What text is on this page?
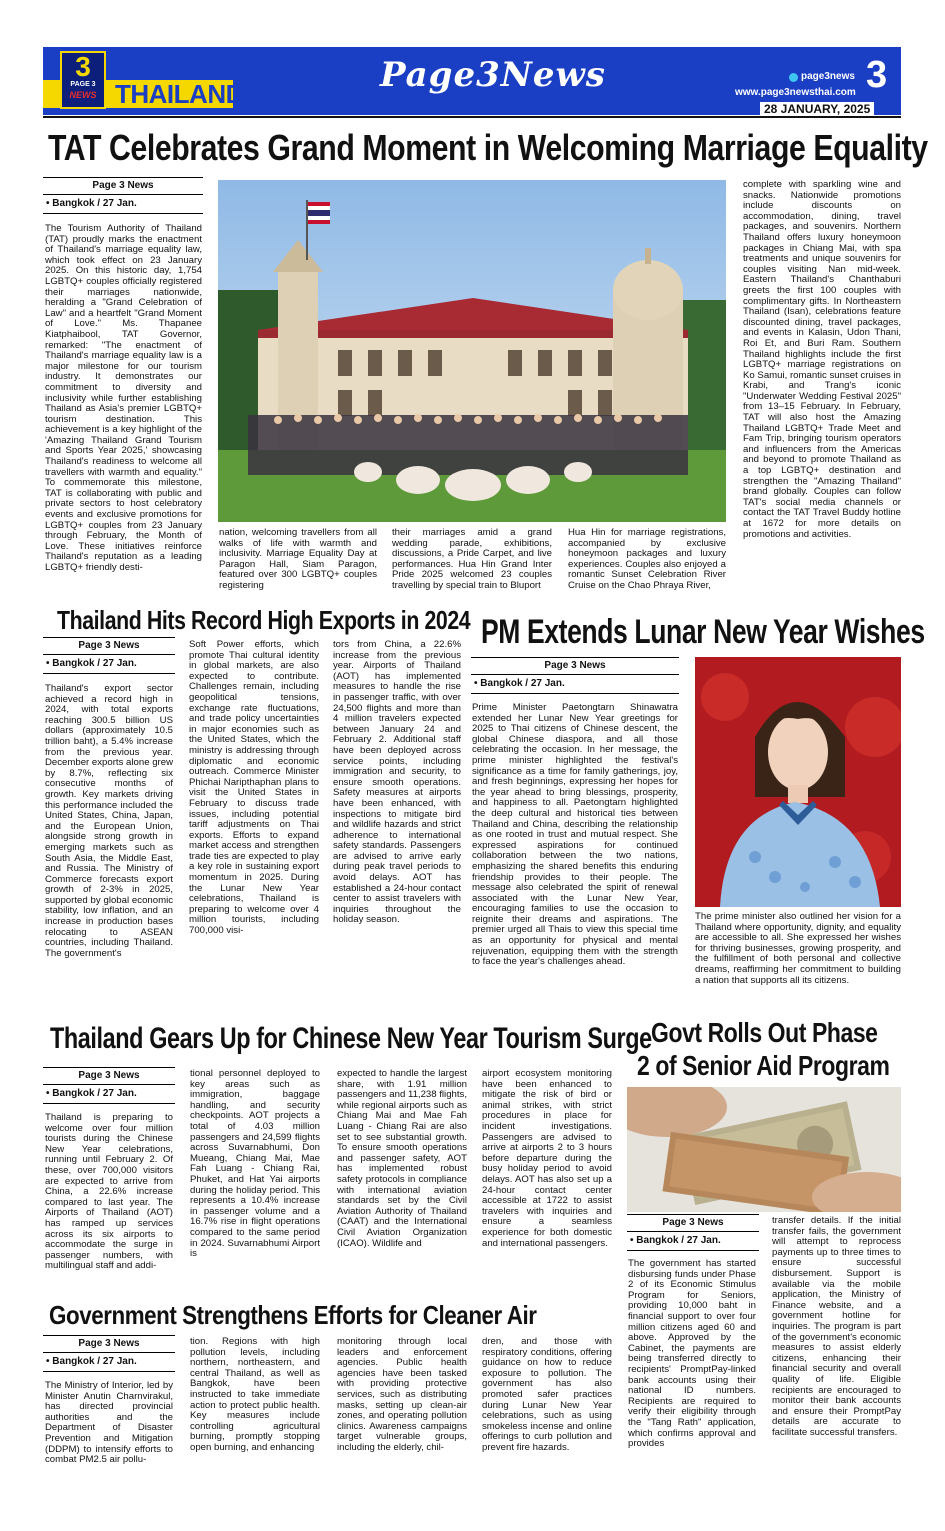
3
PAGE 3
NEWS THAILAND	Page3News	page3news
www.page3newsthai.com 3
28 JANUARY, 2025
TAT Celebrates Grand Moment in Welcoming Marriage Equality
Page 3 News
• Bangkok / 27 Jan.
The Tourism Authority of Thailand (TAT) proudly marks the enactment of Thailand's marriage equality law, which took effect on 23 January 2025. On this historic day, 1,754 LGBTQ+ couples officially registered their marriages nationwide, heralding a "Grand Celebration of Law" and a heartfelt "Grand Moment of Love." Ms. Thapanee Kiatphaibool, TAT Governor, remarked: "The enactment of Thailand's marriage equality law is a major milestone for our tourism industry. It demonstrates our commitment to diversity and inclusivity while further establishing Thailand as Asia's premier LGBTQ+ tourism destination. This achievement is a key highlight of the 'Amazing Thailand Grand Tourism and Sports Year 2025,' showcasing Thailand's readiness to welcome all travellers with warmth and equality." To commemorate this milestone, TAT is collaborating with public and private sectors to host celebratory events and exclusive promotions for LGBTQ+ couples from 23 January through February, the Month of Love. These initiatives reinforce Thailand's reputation as a leading LGBTQ+ friendly desti-
nation, welcoming travellers from all walks of life with warmth and inclusivity. Marriage Equality Day at Paragon Hall, Siam Paragon, featured over 300 LGBTQ+ couples registering
their marriages amid a grand wedding parade, exhibitions, discussions, a Pride Carpet, and live performances. Hua Hin Grand Inter Pride 2025 welcomed 23 couples travelling by special train to Bluport
Hua Hin for marriage registrations, accompanied by exclusive honeymoon packages and luxury experiences. Couples also enjoyed a romantic Sunset Celebration River Cruise on the Chao Phraya River,
complete with sparkling wine and snacks. Nationwide promotions include discounts on accommodation, dining, travel packages, and souvenirs. Northern Thailand offers luxury honeymoon packages in Chiang Mai, with spa treatments and unique souvenirs for couples visiting Nan mid-week. Eastern Thailand's Chanthaburi greets the first 100 couples with complimentary gifts. In Northeastern Thailand (Isan), celebrations feature discounted dining, travel packages, and events in Kalasin, Udon Thani, Roi Et, and Buri Ram. Southern Thailand highlights include the first LGBTQ+ marriage registrations on Ko Samui, romantic sunset cruises in Krabi, and Trang's iconic "Underwater Wedding Festival 2025" from 13–15 February. In February, TAT will also host the Amazing Thailand LGBTQ+ Trade Meet and Fam Trip, bringing tourism operators and influencers from the Americas and beyond to promote Thailand as a top LGBTQ+ destination and strengthen the "Amazing Thailand" brand globally. Couples can follow TAT's social media channels or contact the TAT Travel Buddy hotline at 1672 for more details on promotions and activities.
Thailand Hits Record High Exports in 2024
Page 3 News
• Bangkok / 27 Jan.
Thailand's export sector achieved a record high in 2024, with total exports reaching 300.5 billion US dollars (approximately 10.5 trillion baht), a 5.4% increase from the previous year. December exports alone grew by 8.7%, reflecting six consecutive months of growth. Key markets driving this performance included the United States, China, Japan, and the European Union, alongside strong growth in emerging markets such as South Asia, the Middle East, and Russia. The Ministry of Commerce forecasts export growth of 2-3% in 2025, supported by global economic stability, low inflation, and an increase in production bases relocating to ASEAN countries, including Thailand. The government's
Soft Power efforts, which promote Thai cultural identity in global markets, are also expected to contribute. Challenges remain, including geopolitical tensions, exchange rate fluctuations, and trade policy uncertainties in major economies such as the United States, which the ministry is addressing through diplomatic and economic outreach. Commerce Minister Phichai Naripthaphan plans to visit the United States in February to discuss trade issues, including potential tariff adjustments on Thai exports. Efforts to expand market access and strengthen trade ties are expected to play a key role in sustaining export momentum in 2025. During the Lunar New Year celebrations, Thailand is preparing to welcome over 4 million tourists, including 700,000 visi-
tors from China, a 22.6% increase from the previous year. Airports of Thailand (AOT) has implemented measures to handle the rise in passenger traffic, with over 24,500 flights and more than 4 million travelers expected between January 24 and February 2. Additional staff have been deployed across service points, including immigration and security, to ensure smooth operations. Safety measures at airports have been enhanced, with inspections to mitigate bird and wildlife hazards and strict adherence to international safety standards. Passengers are advised to arrive early during peak travel periods to avoid delays. AOT has established a 24-hour contact center to assist travelers with inquiries throughout the holiday season.
PM Extends Lunar New Year Wishes
Page 3 News
• Bangkok / 27 Jan.
Prime Minister Paetongtarn Shinawatra extended her Lunar New Year greetings for 2025 to Thai citizens of Chinese descent, the global Chinese diaspora, and all those celebrating the occasion. In her message, the prime minister highlighted the festival's significance as a time for family gatherings, joy, and fresh beginnings, expressing her hopes for the year ahead to bring blessings, prosperity, and happiness to all. Paetongtarn highlighted the deep cultural and historical ties between Thailand and China, describing the relationship as one rooted in trust and mutual respect. She expressed aspirations for continued collaboration between the two nations, emphasizing the shared benefits this enduring friendship provides to their people. The message also celebrated the spirit of renewal associated with the Lunar New Year, encouraging families to use the occasion to reignite their dreams and aspirations. The premier urged all Thais to view this special time as an opportunity for physical and mental rejuvenation, equipping them with the strength to face the year's challenges ahead.
The prime minister also outlined her vision for a Thailand where opportunity, dignity, and equality are accessible to all. She expressed her wishes for thriving businesses, growing prosperity, and the fulfillment of both personal and collective dreams, reaffirming her commitment to building a nation that supports all its citizens.
Thailand Gears Up for Chinese New Year Tourism Surge
Page 3 News
• Bangkok / 27 Jan.
Thailand is preparing to welcome over four million tourists during the Chinese New Year celebrations, running until February 2. Of these, over 700,000 visitors are expected to arrive from China, a 22.6% increase compared to last year. The Airports of Thailand (AOT) has ramped up services across its six airports to accommodate the surge in passenger numbers, with multilingual staff and addi-
tional personnel deployed to key areas such as immigration, baggage handling, and security checkpoints. AOT projects a total of 4.03 million passengers and 24,599 flights across Suvarnabhumi, Don Mueang, Chiang Mai, Mae Fah Luang - Chiang Rai, Phuket, and Hat Yai airports during the holiday period. This represents a 10.4% increase in passenger volume and a 16.7% rise in flight operations compared to the same period in 2024. Suvarnabhumi Airport is
expected to handle the largest share, with 1.91 million passengers and 11,238 flights, while regional airports such as Chiang Mai and Mae Fah Luang - Chiang Rai are also set to see substantial growth. To ensure smooth operations and passenger safety, AOT has implemented robust safety protocols in compliance with international aviation standards set by the Civil Aviation Authority of Thailand (CAAT) and the International Civil Aviation Organization (ICAO). Wildlife and
airport ecosystem monitoring have been enhanced to mitigate the risk of bird or animal strikes, with strict procedures in place for incident investigations. Passengers are advised to arrive at airports 2 to 3 hours before departure during the busy holiday period to avoid delays. AOT has also set up a 24-hour contact center accessible at 1722 to assist travelers with inquiries and ensure a seamless experience for both domestic and international passengers.
Govt Rolls Out Phase
2 of Senior Aid Program
Page 3 News
• Bangkok / 27 Jan.
The government has started disbursing funds under Phase 2 of its Economic Stimulus Program for Seniors, providing 10,000 baht in financial support to over four million citizens aged 60 and above. Approved by the Cabinet, the payments are being transferred directly to recipients' PromptPay-linked bank accounts using their national ID numbers. Recipients are required to verify their eligibility through the "Tang Rath" application, which confirms approval and provides
transfer details. If the initial transfer fails, the government will attempt to reprocess payments up to three times to ensure successful disbursement. Support is available via the mobile application, the Ministry of Finance website, and a government hotline for inquiries. The program is part of the government's economic measures to assist elderly citizens, enhancing their financial security and overall quality of life. Eligible recipients are encouraged to monitor their bank accounts and ensure their PromptPay details are accurate to facilitate successful transfers.
Government Strengthens Efforts for Cleaner Air
Page 3 News
• Bangkok / 27 Jan.
The Ministry of Interior, led by Minister Anutin Charnvirakul, has directed provincial authorities and the Department of Disaster Prevention and Mitigation (DDPM) to intensify efforts to combat PM2.5 air pollu-
tion. Regions with high pollution levels, including northern, northeastern, and central Thailand, as well as Bangkok, have been instructed to take immediate action to protect public health. Key measures include controlling agricultural burning, promptly stopping open burning, and enhancing
monitoring through local leaders and enforcement agencies. Public health agencies have been tasked with providing protective services, such as distributing masks, setting up clean-air zones, and operating pollution clinics. Awareness campaigns target vulnerable groups, including the elderly, chil-
dren, and those with respiratory conditions, offering guidance on how to reduce exposure to pollution. The government has also promoted safer practices during Lunar New Year celebrations, such as using smokeless incense and online offerings to curb pollution and prevent fire hazards.
